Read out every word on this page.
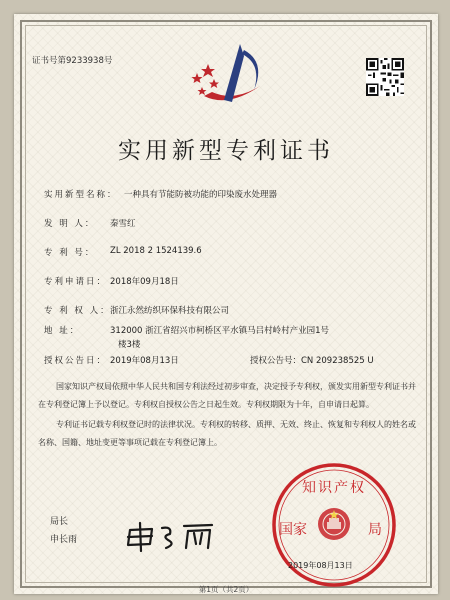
证书号第9233938号
实用新型专利证书
实用新型名称： 一种具有节能防被功能的印染废水处理器
发 明 人： 秦雪红
专 利 号： ZL 2018 2 1524139.6
专利申请日： 2018年09月18日
专 利 权 人： 浙江永然纺织环保科技有限公司
地 址：	312000 浙江省绍兴市柯桥区平水镇马吕村岭村产业园1号
楼3楼
授权公告日： 2019年08月13日	授权公告号：CN 209238525 U
国家知识产权局依照中华人民共和国专利法经过初步审查，决定授予专利权，颁发实用新型专利证书并在专利登记簿上予以登记。专利权自授权公告之日起生效。专利权期限为十年，自申请日起算。
专利证书记载专利权登记时的法律状况。专利权的转移、质押、无效、终止、恢复和专利权人的姓名或名称、国籍、地址变更等事项记载在专利登记簿上。
局长
申长雨
知识产权
国家	局
2019年08月13日
第1页（共2页）
